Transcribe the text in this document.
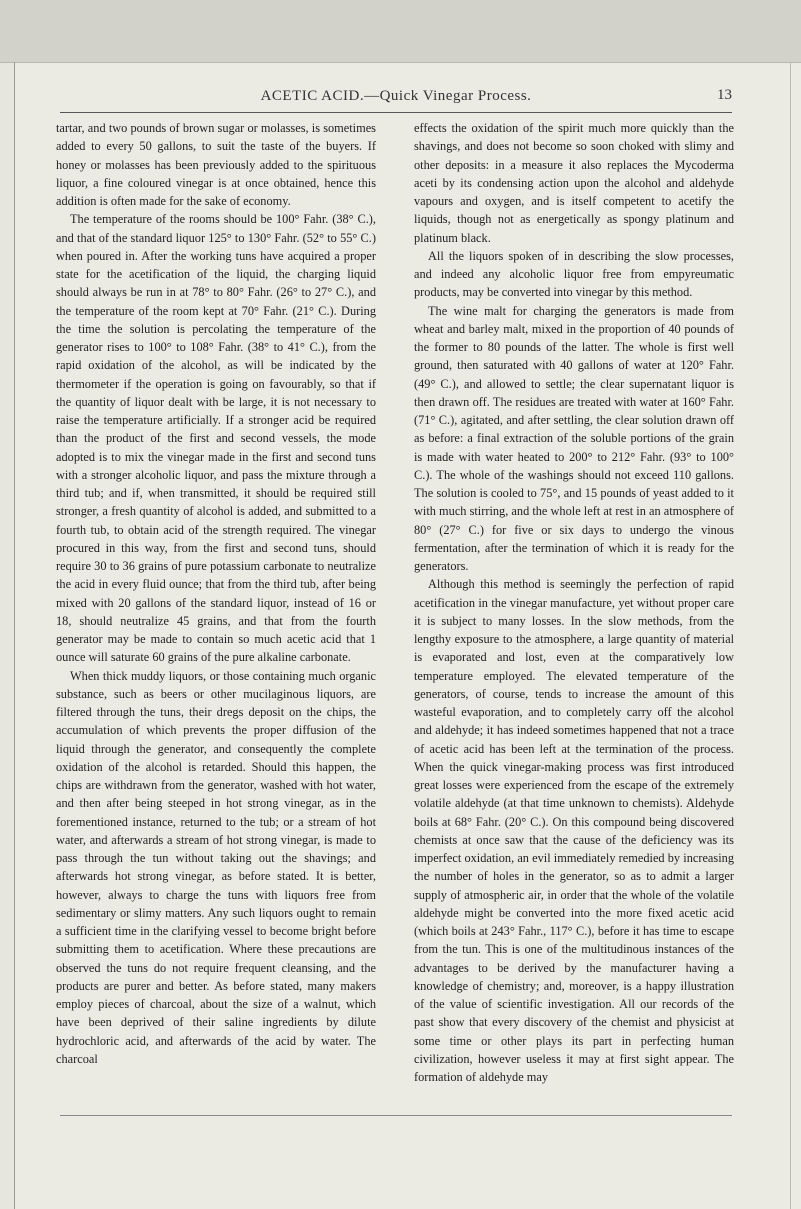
ACETIC ACID.—Quick Vinegar Process.	13

tartar, and two pounds of brown sugar or molasses, is sometimes added to every 50 gallons, to suit the taste of the buyers. If honey or molasses has been previously added to the spirituous liquor, a fine coloured vinegar is at once obtained, hence this addition is often made for the sake of economy.

The temperature of the rooms should be 100° Fahr. (38° C.), and that of the standard liquor 125° to 130° Fahr. (52° to 55° C.) when poured in. After the working tuns have acquired a proper state for the acetification of the liquid, the charging liquid should always be run in at 78° to 80° Fahr. (26° to 27° C.), and the temperature of the room kept at 70° Fahr. (21° C.). During the time the solution is percolating the temperature of the generator rises to 100° to 108° Fahr. (38° to 41° C.), from the rapid oxidation of the alcohol, as will be indicated by the thermometer if the operation is going on favourably, so that if the quantity of liquor dealt with be large, it is not necessary to raise the temperature artificially. If a stronger acid be required than the product of the first and second vessels, the mode adopted is to mix the vinegar made in the first and second tuns with a stronger alcoholic liquor, and pass the mixture through a third tub; and if, when transmitted, it should be required still stronger, a fresh quantity of alcohol is added, and submitted to a fourth tub, to obtain acid of the strength required. The vinegar procured in this way, from the first and second tuns, should require 30 to 36 grains of pure potassium carbonate to neutralize the acid in every fluid ounce; that from the third tub, after being mixed with 20 gallons of the standard liquor, instead of 16 or 18, should neutralize 45 grains, and that from the fourth generator may be made to contain so much acetic acid that 1 ounce will saturate 60 grains of the pure alkaline carbonate.

When thick muddy liquors, or those containing much organic substance, such as beers or other mucilaginous liquors, are filtered through the tuns, their dregs deposit on the chips, the accumulation of which prevents the proper diffusion of the liquid through the generator, and consequently the complete oxidation of the alcohol is retarded. Should this happen, the chips are withdrawn from the generator, washed with hot water, and then after being steeped in hot strong vinegar, as in the forementioned instance, returned to the tub; or a stream of hot water, and afterwards a stream of hot strong vinegar, is made to pass through the tun without taking out the shavings; and afterwards hot strong vinegar, as before stated. It is better, however, always to charge the tuns with liquors free from sedimentary or slimy matters. Any such liquors ought to remain a sufficient time in the clarifying vessel to become bright before submitting them to acetification. Where these precautions are observed the tuns do not require frequent cleansing, and the products are purer and better. As before stated, many makers employ pieces of charcoal, about the size of a walnut, which have been deprived of their saline ingredients by dilute hydrochloric acid, and afterwards of the acid by water. The charcoal

effects the oxidation of the spirit much more quickly than the shavings, and does not become so soon choked with slimy and other deposits: in a measure it also replaces the Mycoderma aceti by its condensing action upon the alcohol and aldehyde vapours and oxygen, and is itself competent to acetify the liquids, though not as energetically as spongy platinum and platinum black.

All the liquors spoken of in describing the slow processes, and indeed any alcoholic liquor free from empyreumatic products, may be converted into vinegar by this method.

The wine malt for charging the generators is made from wheat and barley malt, mixed in the proportion of 40 pounds of the former to 80 pounds of the latter. The whole is first well ground, then saturated with 40 gallons of water at 120° Fahr. (49° C.), and allowed to settle; the clear supernatant liquor is then drawn off. The residues are treated with water at 160° Fahr. (71° C.), agitated, and after settling, the clear solution drawn off as before: a final extraction of the soluble portions of the grain is made with water heated to 200° to 212° Fahr. (93° to 100° C.). The whole of the washings should not exceed 110 gallons. The solution is cooled to 75°, and 15 pounds of yeast added to it with much stirring, and the whole left at rest in an atmosphere of 80° (27° C.) for five or six days to undergo the vinous fermentation, after the termination of which it is ready for the generators.

Although this method is seemingly the perfection of rapid acetification in the vinegar manufacture, yet without proper care it is subject to many losses. In the slow methods, from the lengthy exposure to the atmosphere, a large quantity of material is evaporated and lost, even at the comparatively low temperature employed. The elevated temperature of the generators, of course, tends to increase the amount of this wasteful evaporation, and to completely carry off the alcohol and aldehyde; it has indeed sometimes happened that not a trace of acetic acid has been left at the termination of the process. When the quick vinegar-making process was first introduced great losses were experienced from the escape of the extremely volatile aldehyde (at that time unknown to chemists). Aldehyde boils at 68° Fahr. (20° C.). On this compound being discovered chemists at once saw that the cause of the deficiency was its imperfect oxidation, an evil immediately remedied by increasing the number of holes in the generator, so as to admit a larger supply of atmospheric air, in order that the whole of the volatile aldehyde might be converted into the more fixed acetic acid (which boils at 243° Fahr., 117° C.), before it has time to escape from the tun. This is one of the multitudinous instances of the advantages to be derived by the manufacturer having a knowledge of chemistry; and, moreover, is a happy illustration of the value of scientific investigation. All our records of the past show that every discovery of the chemist and physicist at some time or other plays its part in perfecting human civilization, however useless it may at first sight appear. The formation of aldehyde may
